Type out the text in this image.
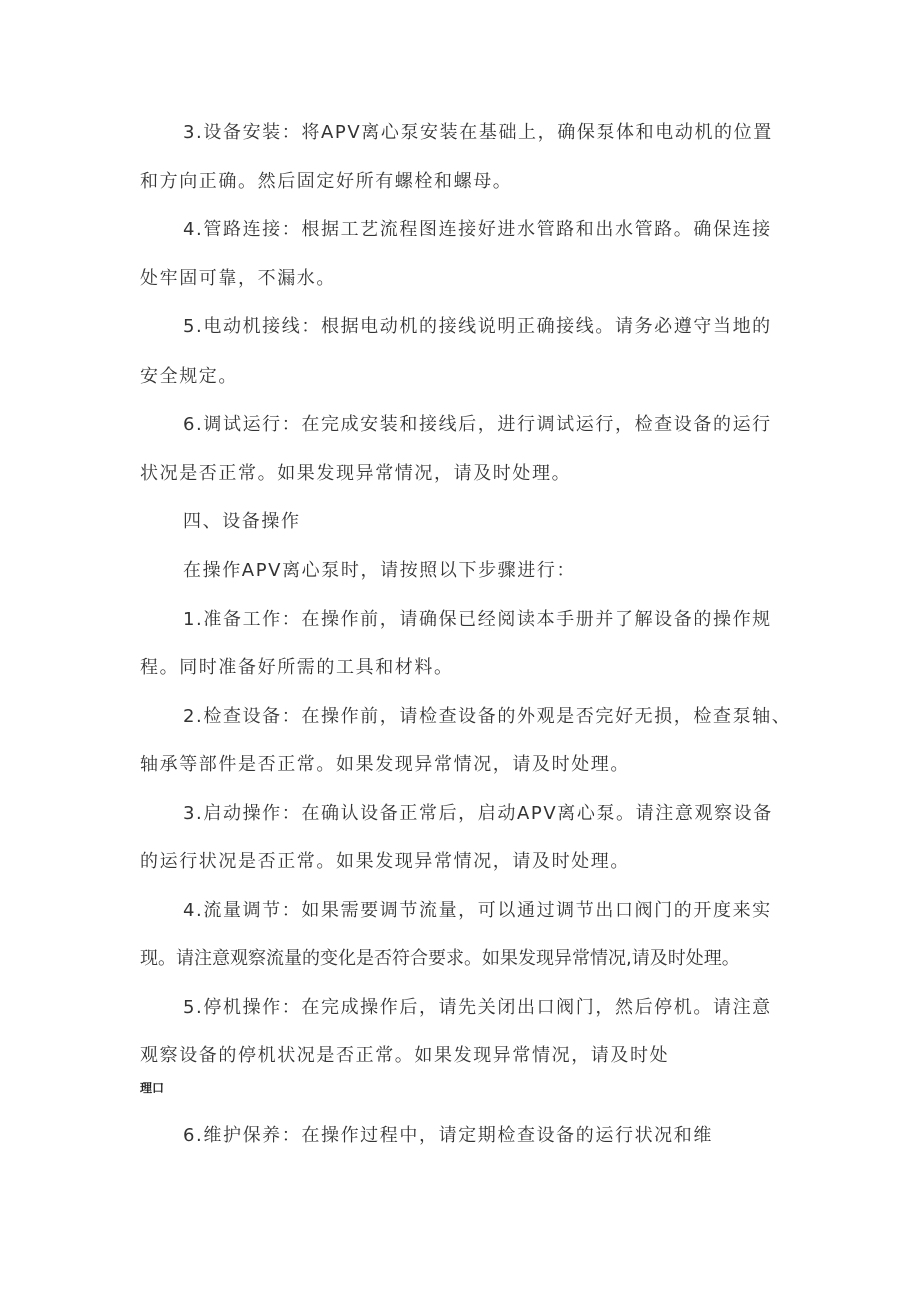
3.设备安装：将APV离心泵安装在基础上，确保泵体和电动机的位置
和方向正确。然后固定好所有螺栓和螺母。
4.管路连接：根据工艺流程图连接好进水管路和出水管路。确保连接
处牢固可靠，不漏水。
5.电动机接线：根据电动机的接线说明正确接线。请务必遵守当地的
安全规定。
6.调试运行：在完成安装和接线后，进行调试运行，检查设备的运行
状况是否正常。如果发现异常情况，请及时处理。
四、设备操作
在操作APV离心泵时，请按照以下步骤进行：
1.准备工作：在操作前，请确保已经阅读本手册并了解设备的操作规
程。同时准备好所需的工具和材料。
2.检查设备：在操作前，请检查设备的外观是否完好无损，检查泵轴、
轴承等部件是否正常。如果发现异常情况，请及时处理。
3.启动操作：在确认设备正常后，启动APV离心泵。请注意观察设备
的运行状况是否正常。如果发现异常情况，请及时处理。
4.流量调节：如果需要调节流量，可以通过调节出口阀门的开度来实
现。请注意观察流量的变化是否符合要求。如果发现异常情况,请及时处理。
5.停机操作：在完成操作后，请先关闭出口阀门，然后停机。请注意
观察设备的停机状况是否正常。如果发现异常情况，请及时处
理口
6.维护保养：在操作过程中，请定期检查设备的运行状况和维
